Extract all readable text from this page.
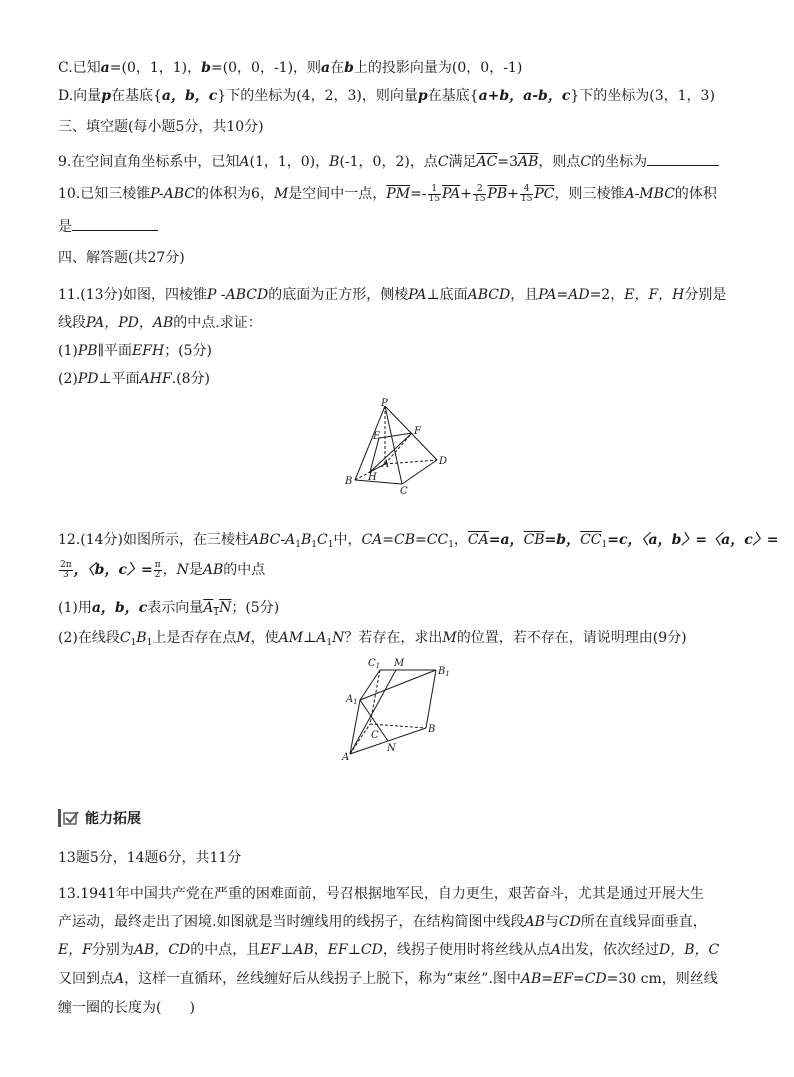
C.已知a=(0，1，1)，b=(0，0，-1)，则a在b上的投影向量为(0，0，-1)
D.向量p在基底{a，b，c}下的坐标为(4，2，3)，则向量p在基底{a+b，a-b，c}下的坐标为(3，1，3)
三、填空题(每小题5分，共10分)
9.在空间直角坐标系中，已知A(1，1，0)，B(-1，0，2)，点C满足$\overline{AC}=3\overline{AB}$，则点C的坐标为
10.已知三棱锥P-ABC的体积为6，M是空间中一点，$\overline{PM}=- \frac{1}{15} \overline{PA}+ \frac{2}{15} \overline{PB}+ \frac{4}{15} \overline{PC}$，则三棱锥A-MBC的体积
是
四、解答题(共27分)
11.(13分)如图，四棱锥P -ABCD的底面为正方形，侧棱PA⊥底面ABCD，且PA=AD=2，E，F，H分别是
线段PA，PD，AB的中点.求证：
(1)PB∥平面EFH；(5分)
(2)PD⊥平面AHF.(8分)
P
E	F
A	D
B H
C
12.(14分)如图所示，在三棱柱ABC-$A_1B_1C_1$中，$CA=CB=CC_1$，$\overline{CA}=a$，$\overline{CB}=b$，$\overline{CC}_1=c$，〈a，b〉=〈a，c〉=
$\frac{2\pi}{3}$ ，〈b，c〉= $\frac{\pi}{2}$ ，N是AB的中点
(1)用a，b，c表示向量$A_1N$；(5分)
(2)在线段$C_1B_1$上是否存在点M，使$AM\perp A_1N$？若存在，求出M的位置，若不存在，请说明理由(9分)
$C_1$ M
$B_1$
$A_1$
C
B
N
A
能力拓展
13题5分，14题6分，共11分
13.1941年中国共产党在严重的困难面前，号召根据地军民，自力更生，艰苦奋斗，尤其是通过开展大生
产运动，最终走出了困境.如图就是当时缠线用的线拐子，在结构简图中线段AB与CD所在直线异面垂直，
E，F分别为AB，CD的中点，且EF⊥AB，EF⊥CD，线拐子使用时将丝线从点A出发，依次经过D，B，C
又回到点A，这样一直循环，丝线缠好后从线拐子上脱下，称为“束丝”.图中AB=EF=CD=30 cm，则丝线
缠一圈的长度为(　　)
